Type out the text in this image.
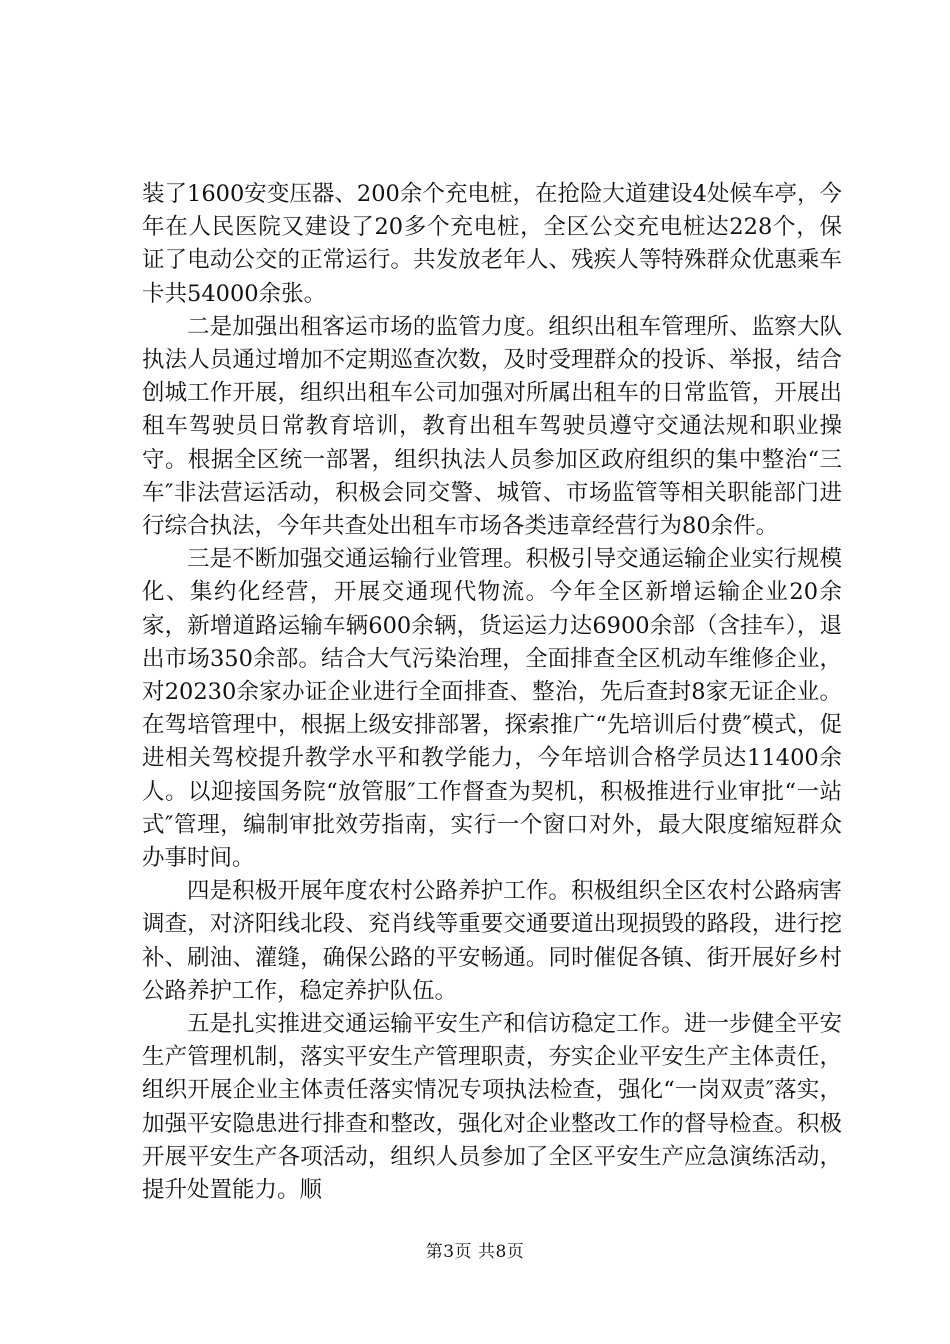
装了1600安变压器、200余个充电桩，在抢险大道建设4处候车亭，今年在人民医院又建设了20多个充电桩，全区公交充电桩达228个，保证了电动公交的正常运行。共发放老年人、残疾人等特殊群众优惠乘车卡共54000余张。

二是加强出租客运市场的监管力度。组织出租车管理所、监察大队执法人员通过增加不定期巡查次数，及时受理群众的投诉、举报，结合创城工作开展，组织出租车公司加强对所属出租车的日常监管，开展出租车驾驶员日常教育培训，教育出租车驾驶员遵守交通法规和职业操守。根据全区统一部署，组织执法人员参加区政府组织的集中整治“三车″非法营运活动，积极会同交警、城管、市场监管等相关职能部门进行综合执法，今年共查处出租车市场各类违章经营行为80余件。

三是不断加强交通运输行业管理。积极引导交通运输企业实行规模化、集约化经营，开展交通现代物流。今年全区新增运输企业20余家，新增道路运输车辆600余辆，货运运力达6900余部（含挂车），退出市场350余部。结合大气污染治理，全面排查全区机动车维修企业，对20230余家办证企业进行全面排查、整治，先后查封8家无证企业。在驾培管理中，根据上级安排部署，探索推广“先培训后付费″模式，促进相关驾校提升教学水平和教学能力，今年培训合格学员达11400余人。以迎接国务院“放管服″工作督查为契机，积极推进行业审批“一站式″管理，编制审批效劳指南，实行一个窗口对外，最大限度缩短群众办事时间。

四是积极开展年度农村公路养护工作。积极组织全区农村公路病害调查，对济阳线北段、兖肖线等重要交通要道出现损毁的路段，进行挖补、刷油、灌缝，确保公路的平安畅通。同时催促各镇、街开展好乡村公路养护工作，稳定养护队伍。

五是扎实推进交通运输平安生产和信访稳定工作。进一步健全平安生产管理机制，落实平安生产管理职责，夯实企业平安生产主体责任，组织开展企业主体责任落实情况专项执法检查，强化“一岗双责″落实，加强平安隐患进行排查和整改，强化对企业整改工作的督导检查。积极开展平安生产各项活动，组织人员参加了全区平安生产应急演练活动，提升处置能力。顺

第3页 共8页
